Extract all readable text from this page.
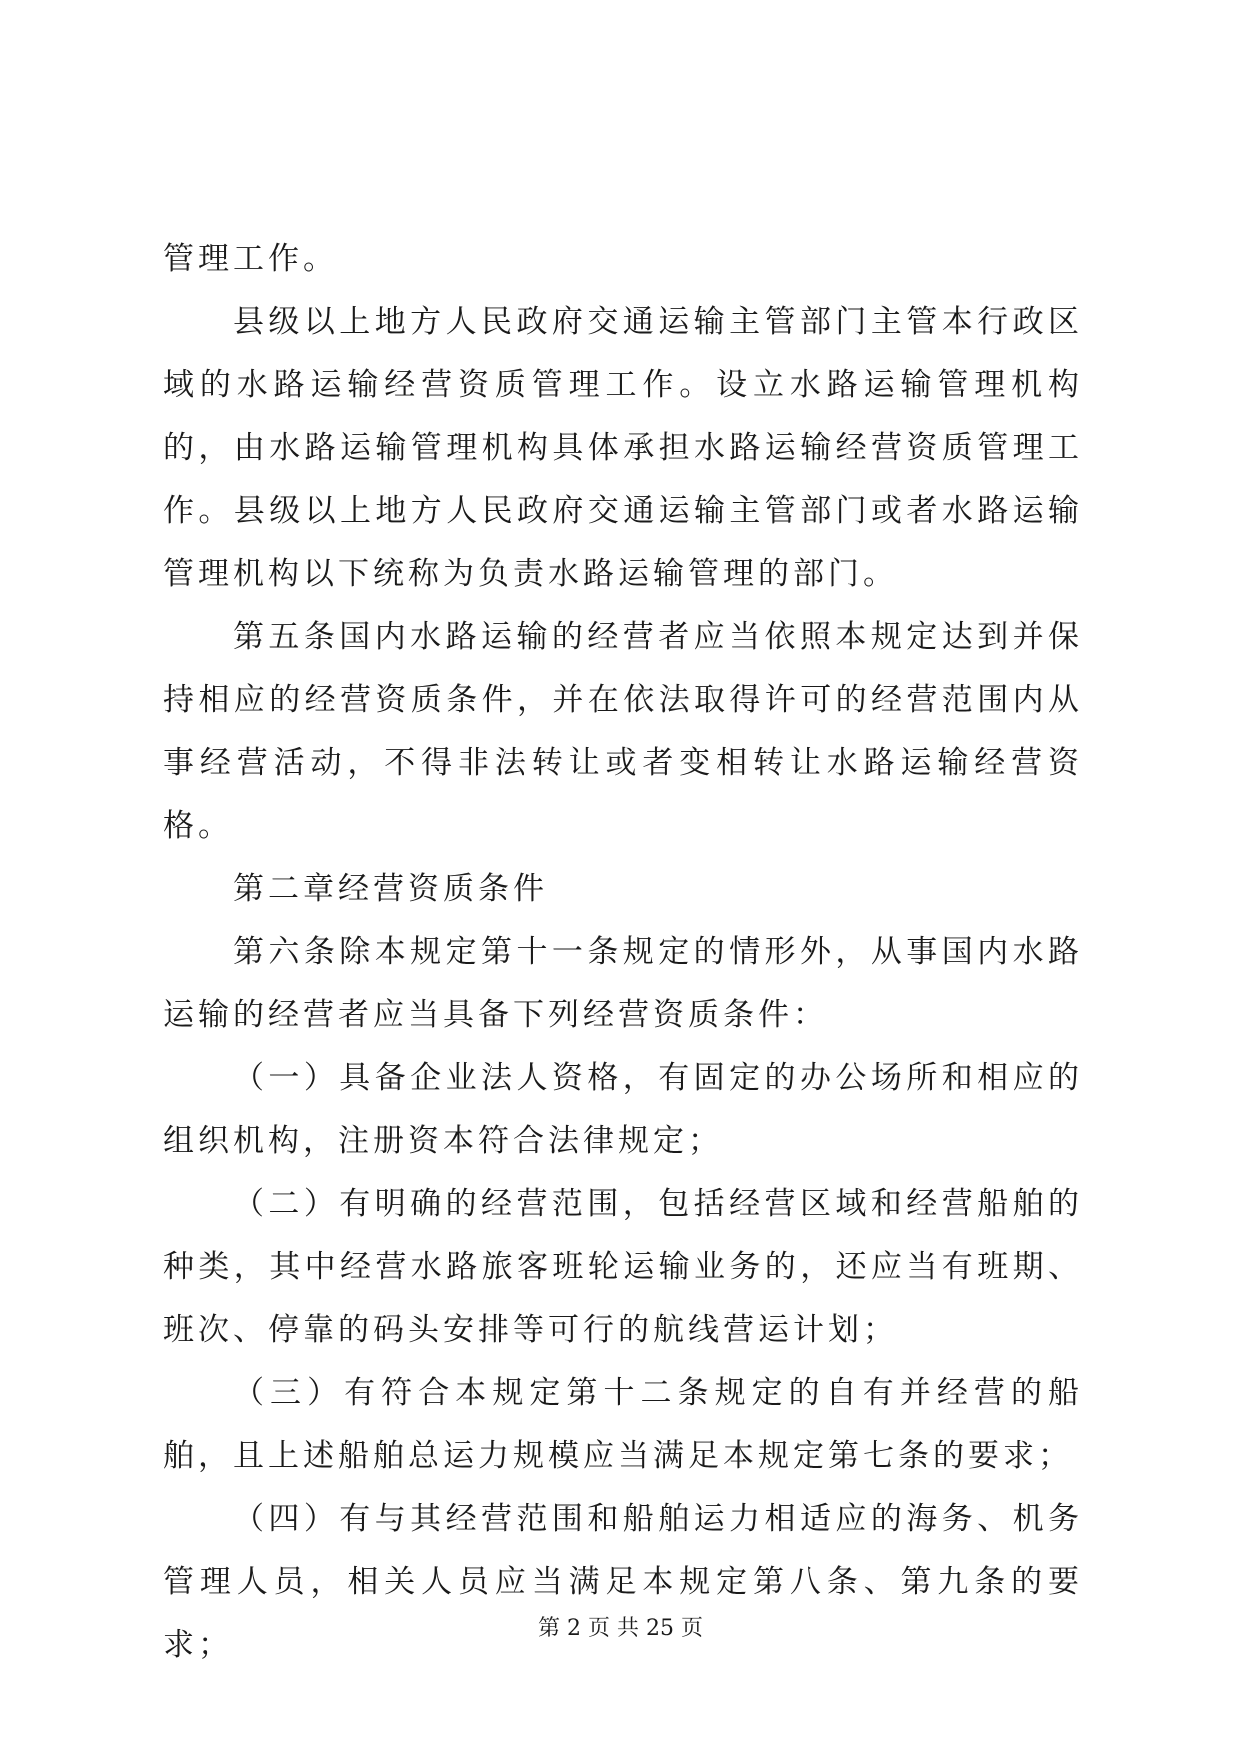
管理工作。

县级以上地方人民政府交通运输主管部门主管本行政区域的水路运输经营资质管理工作。设立水路运输管理机构的，由水路运输管理机构具体承担水路运输经营资质管理工作。县级以上地方人民政府交通运输主管部门或者水路运输管理机构以下统称为负责水路运输管理的部门。

第五条国内水路运输的经营者应当依照本规定达到并保持相应的经营资质条件，并在依法取得许可的经营范围内从事经营活动，不得非法转让或者变相转让水路运输经营资格。

第二章经营资质条件

第六条除本规定第十一条规定的情形外，从事国内水路运输的经营者应当具备下列经营资质条件：

（一）具备企业法人资格，有固定的办公场所和相应的组织机构，注册资本符合法律规定；

（二）有明确的经营范围，包括经营区域和经营船舶的种类，其中经营水路旅客班轮运输业务的，还应当有班期、班次、停靠的码头安排等可行的航线营运计划；

（三）有符合本规定第十二条规定的自有并经营的船舶，且上述船舶总运力规模应当满足本规定第七条的要求；

（四）有与其经营范围和船舶运力相适应的海务、机务管理人员，相关人员应当满足本规定第八条、第九条的要求；	第 2 页 共 25 页
